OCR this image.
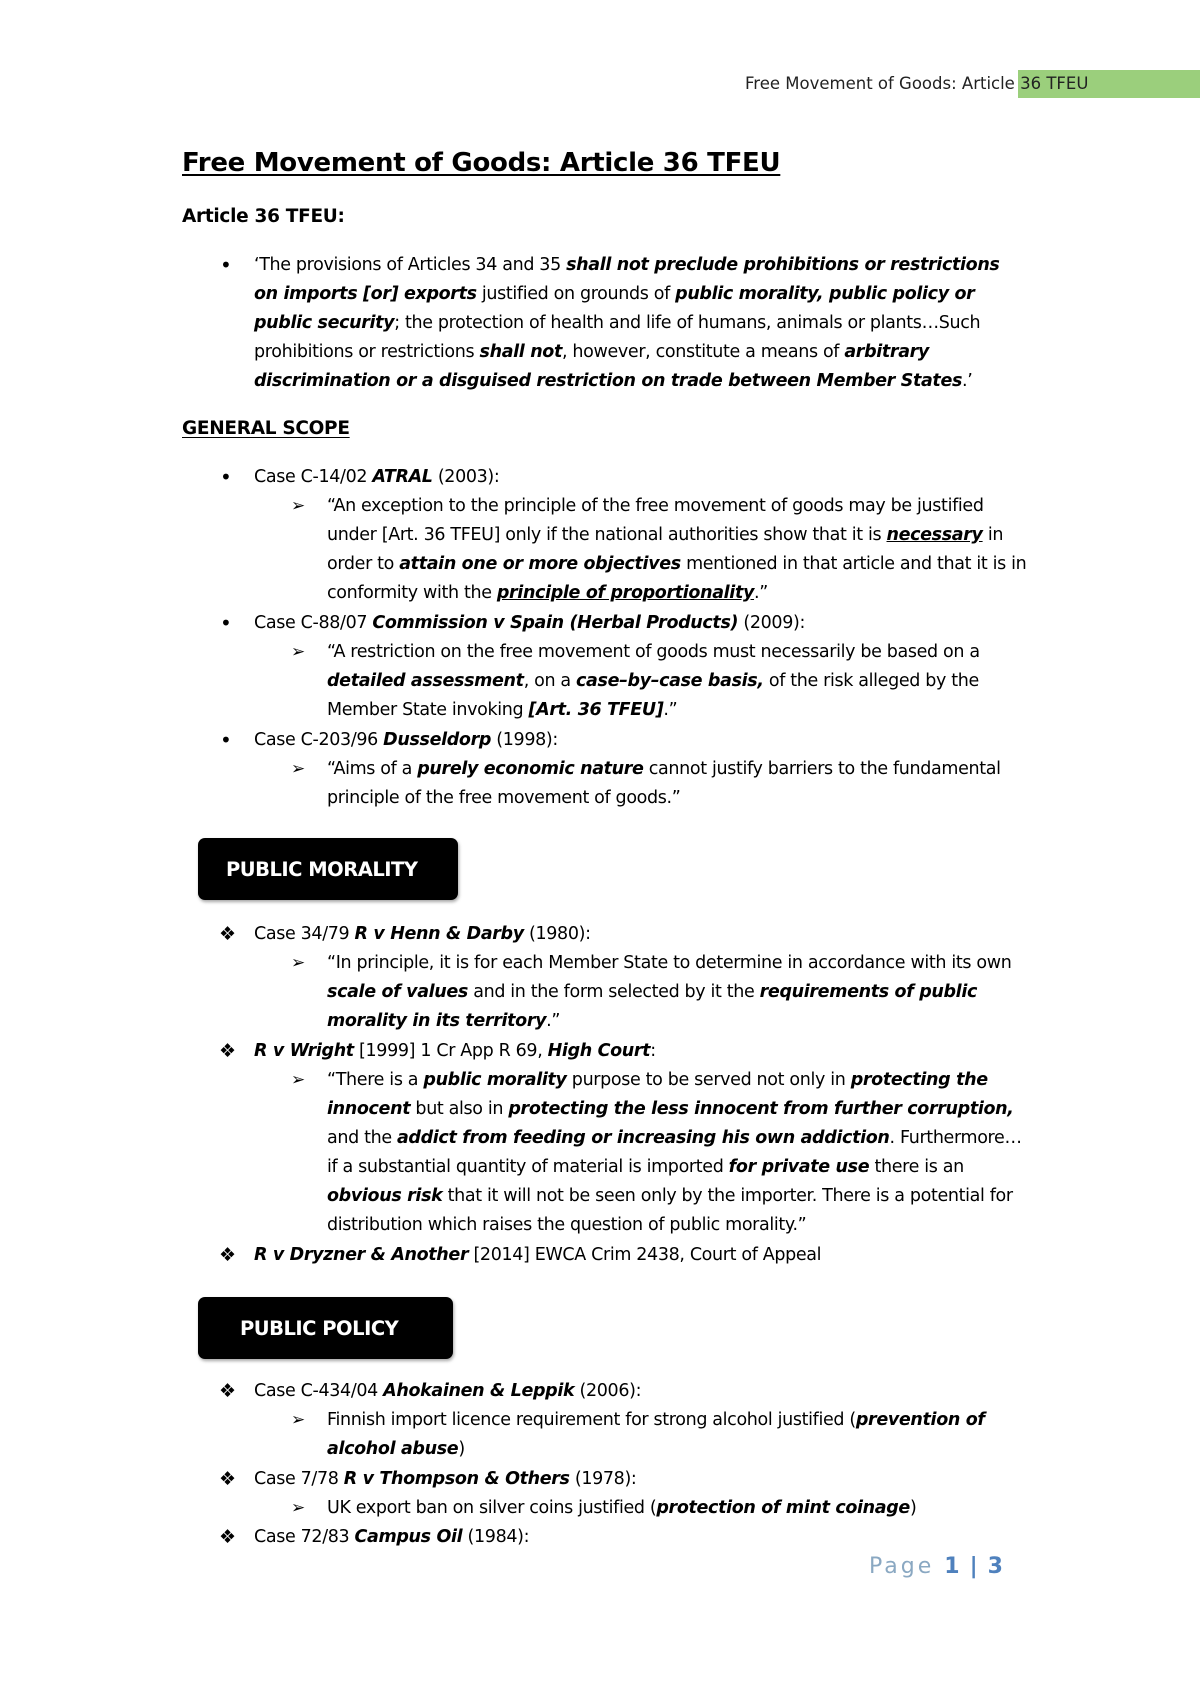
Free Movement of Goods: Article 36 TFEU
Free Movement of Goods: Article 36 TFEU
Article 36 TFEU:
• ‘The provisions of Articles 34 and 35 shall not preclude prohibitions or restrictions on imports [or] exports justified on grounds of public morality, public policy or public security; the protection of health and life of humans, animals or plants…Such prohibitions or restrictions shall not, however, constitute a means of arbitrary discrimination or a disguised restriction on trade between Member States.’
GENERAL SCOPE
• Case C-14/02 ATRAL (2003):
➢ “An exception to the principle of the free movement of goods may be justified under [Art. 36 TFEU] only if the national authorities show that it is necessary in order to attain one or more objectives mentioned in that article and that it is in conformity with the principle of proportionality.”
• Case C-88/07 Commission v Spain (Herbal Products) (2009):
➢ “A restriction on the free movement of goods must necessarily be based on a detailed assessment, on a case–by–case basis, of the risk alleged by the Member State invoking [Art. 36 TFEU].”
• Case C-203/96 Dusseldorp (1998):
➢ “Aims of a purely economic nature cannot justify barriers to the fundamental principle of the free movement of goods.”
PUBLIC MORALITY
❖ Case 34/79 R v Henn & Darby (1980):
➢ “In principle, it is for each Member State to determine in accordance with its own scale of values and in the form selected by it the requirements of public morality in its territory.”
❖ R v Wright [1999] 1 Cr App R 69, High Court:
➢ “There is a public morality purpose to be served not only in protecting the innocent but also in protecting the less innocent from further corruption, and the addict from feeding or increasing his own addiction. Furthermore… if a substantial quantity of material is imported for private use there is an obvious risk that it will not be seen only by the importer. There is a potential for distribution which raises the question of public morality.”
❖ R v Dryzner & Another [2014] EWCA Crim 2438, Court of Appeal
PUBLIC POLICY
❖ Case C-434/04 Ahokainen & Leppik (2006):
➢ Finnish import licence requirement for strong alcohol justified (prevention of alcohol abuse)
❖ Case 7/78 R v Thompson & Others (1978):
➢ UK export ban on silver coins justified (protection of mint coinage)
❖ Case 72/83 Campus Oil (1984):
Page 1 | 3
